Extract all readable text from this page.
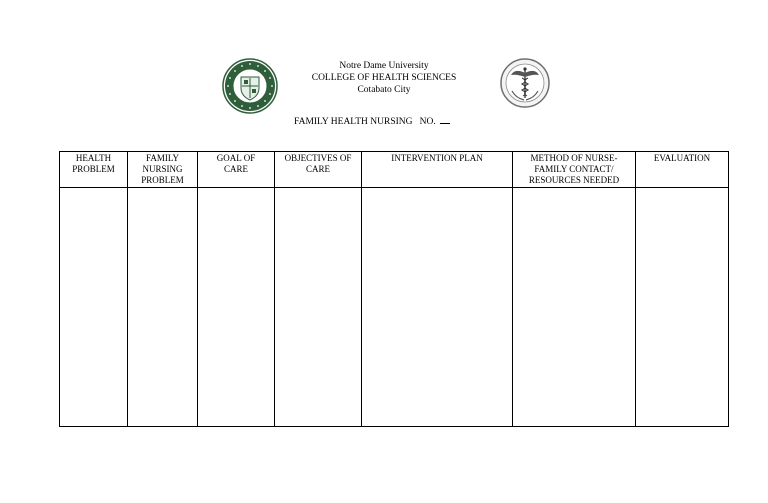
Notre Dame University
COLLEGE OF HEALTH SCIENCES
Cotabato City
FAMILY HEALTH NURSING   NO.
HEALTH
PROBLEM	FAMILY
NURSING
PROBLEM	GOAL OF
CARE	OBJECTIVES OF
CARE	INTERVENTION PLAN	METHOD OF NURSE-
FAMILY CONTACT/
RESOURCES NEEDED	EVALUATION
